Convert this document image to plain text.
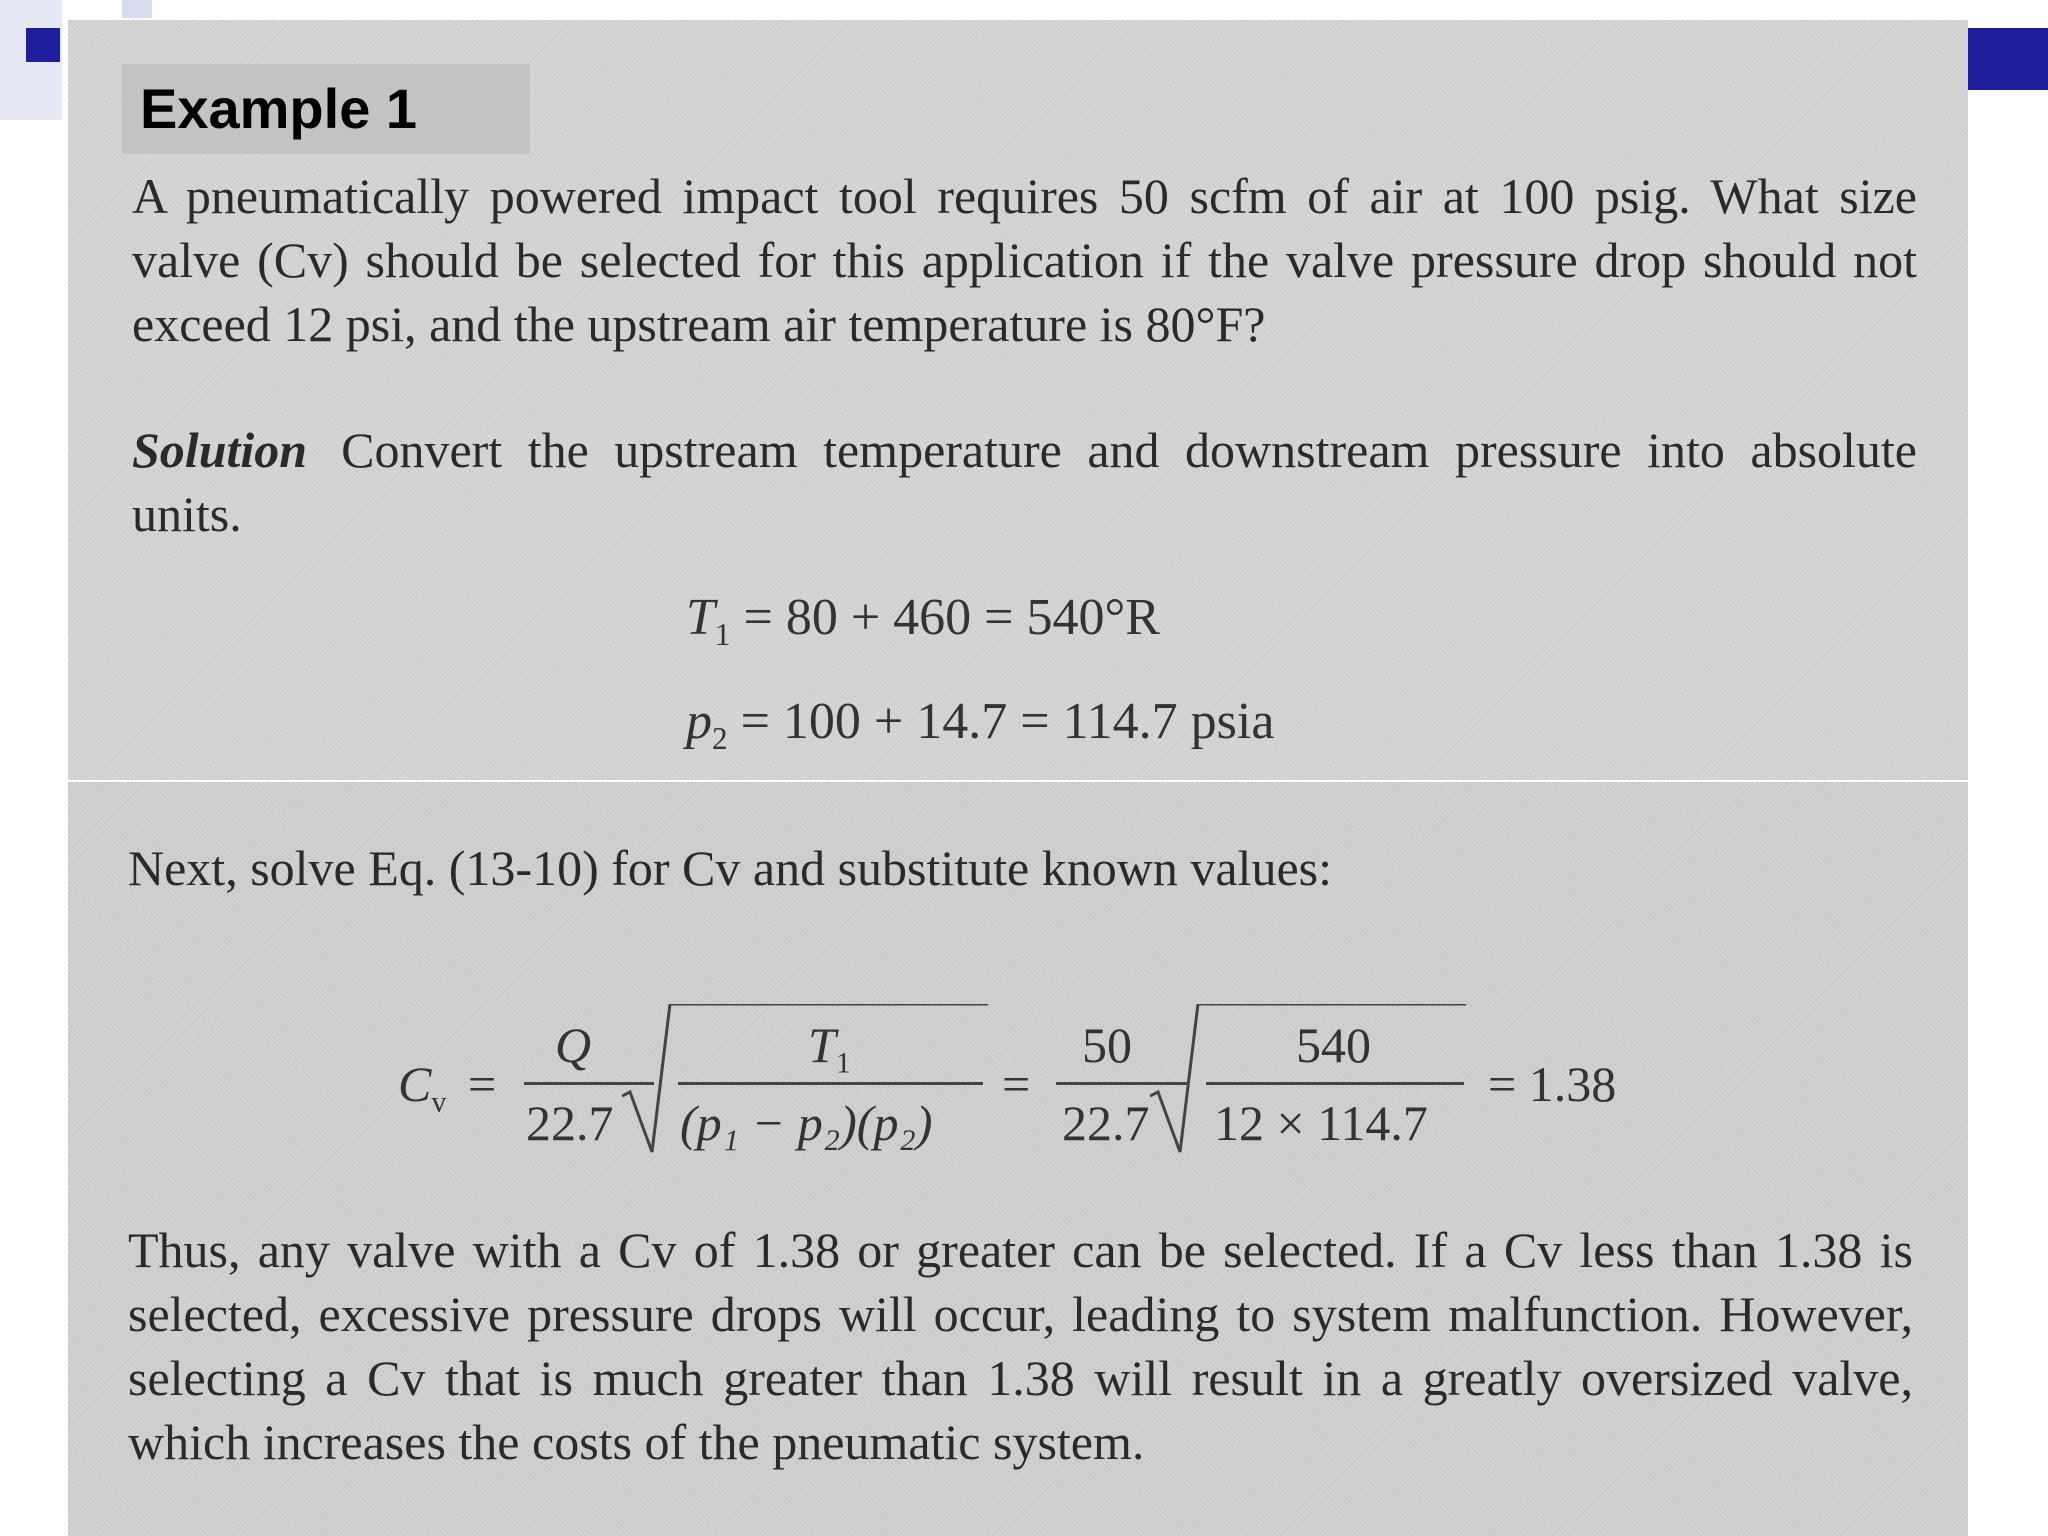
Example 1
A pneumatically powered impact tool requires 50 scfm of air at 100 psig. What size valve (Cv) should be selected for this application if the valve pressure drop should not exceed 12 psi, and the upstream air temperature is 80°F?
Solution Convert the upstream temperature and downstream pressure into absolute units.
$T_1 = 80 + 460 = 540^\circ R$
$p_2 = 100 + 14.7 = 114.7$ psia
Next, solve Eq. (13-10) for Cv and substitute known values:
$C_v$ =
Q
22.7
$T_1$
(p₁ − p₂)(p₂)
=
50
22.7
540
12 × 114.7
= 1.38
Thus, any valve with a Cv of 1.38 or greater can be selected. If a Cv less than 1.38 is selected, excessive pressure drops will occur, leading to system malfunction. However, selecting a Cv that is much greater than 1.38 will result in a greatly oversized valve, which increases the costs of the pneumatic system.
